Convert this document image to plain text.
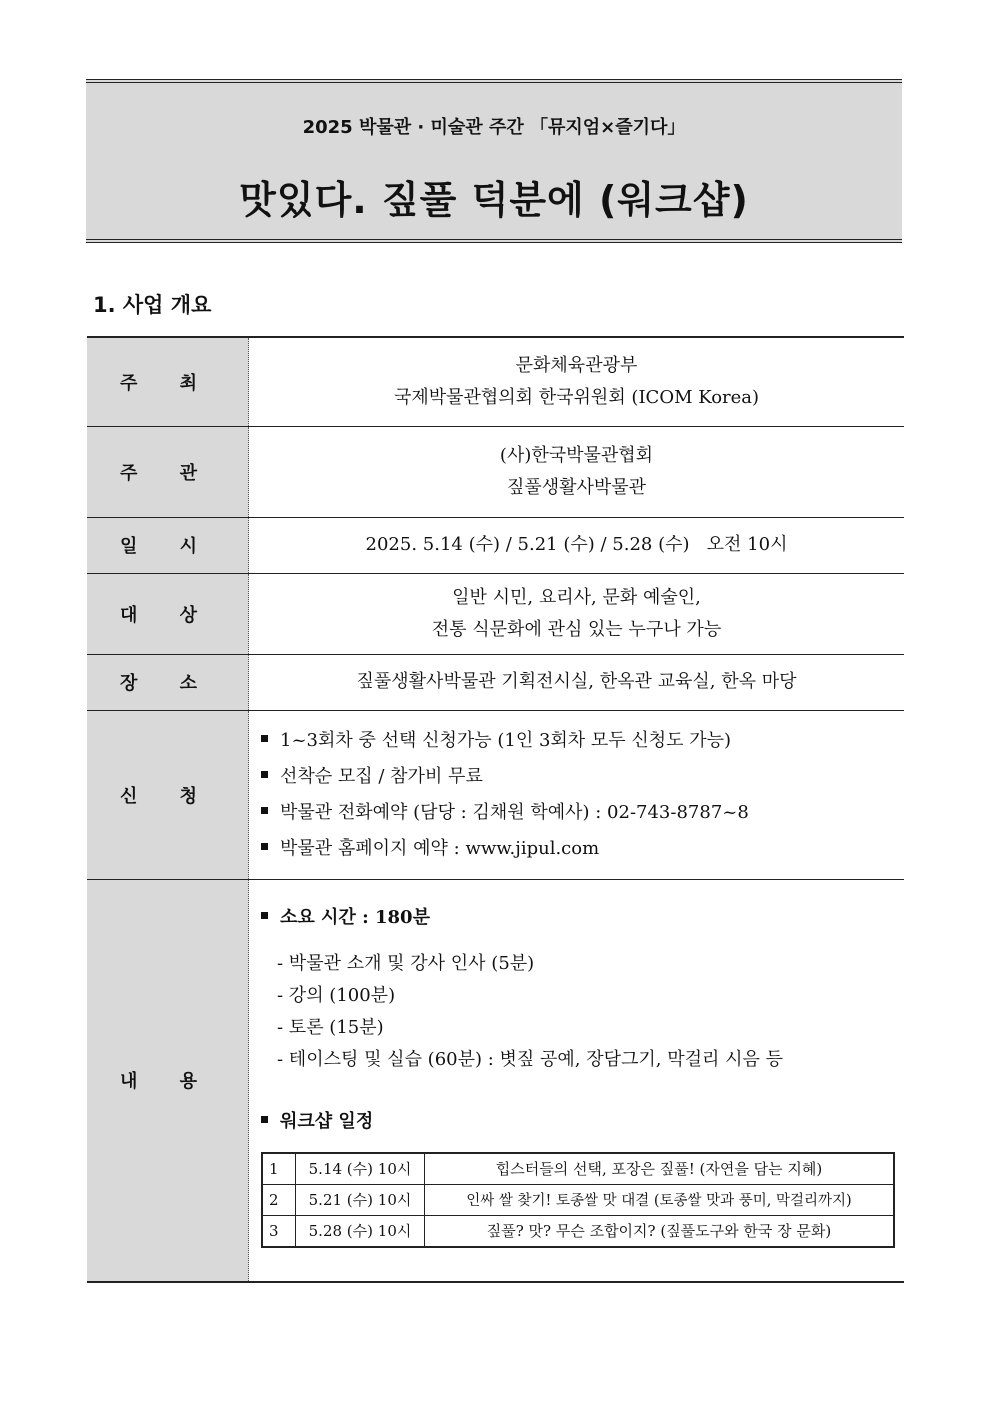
2025 박물관 · 미술관 주간 「뮤지엄×즐기다」
맛있다. 짚풀 덕분에 (워크샵)
1. 사업 개요
주 최	
문화체육관광부
국제박물관협의회 한국위원회 (ICOM Korea)

주 관	
(사)한국박물관협회
짚풀생활사박물관

일 시	2025. 5.14 (수) / 5.21 (수) / 5.28 (수)   오전 10시
대 상	
일반 시민, 요리사, 문화 예술인,
전통 식문화에 관심 있는 누구나 가능

장 소	짚풀생활사박물관 기획전시실, 한옥관 교육실, 한옥 마당
신 청	
1~3회차 중 선택 신청가능 (1인 3회차 모두 신청도 가능)
선착순 모집 / 참가비 무료
박물관 전화예약 (담당 : 김채원 학예사) : 02-743-8787~8
박물관 홈페이지 예약 : www.jipul.com

내 용	
소요 시간 : 180분
- 박물관 소개 및 강사 인사 (5분)
- 강의 (100분)
- 토론 (15분)
- 테이스팅 및 실습 (60분) : 볏짚 공예, 장담그기, 막걸리 시음 등
워크샵 일정
1	5.14 (수) 10시	힙스터들의 선택, 포장은 짚풀! (자연을 담는 지혜)
2	5.21 (수) 10시	인싸 쌀 찾기! 토종쌀 맛 대결 (토종쌀 맛과 풍미, 막걸리까지)
3	5.28 (수) 10시	짚풀? 맛? 무슨 조합이지? (짚풀도구와 한국 장 문화)
